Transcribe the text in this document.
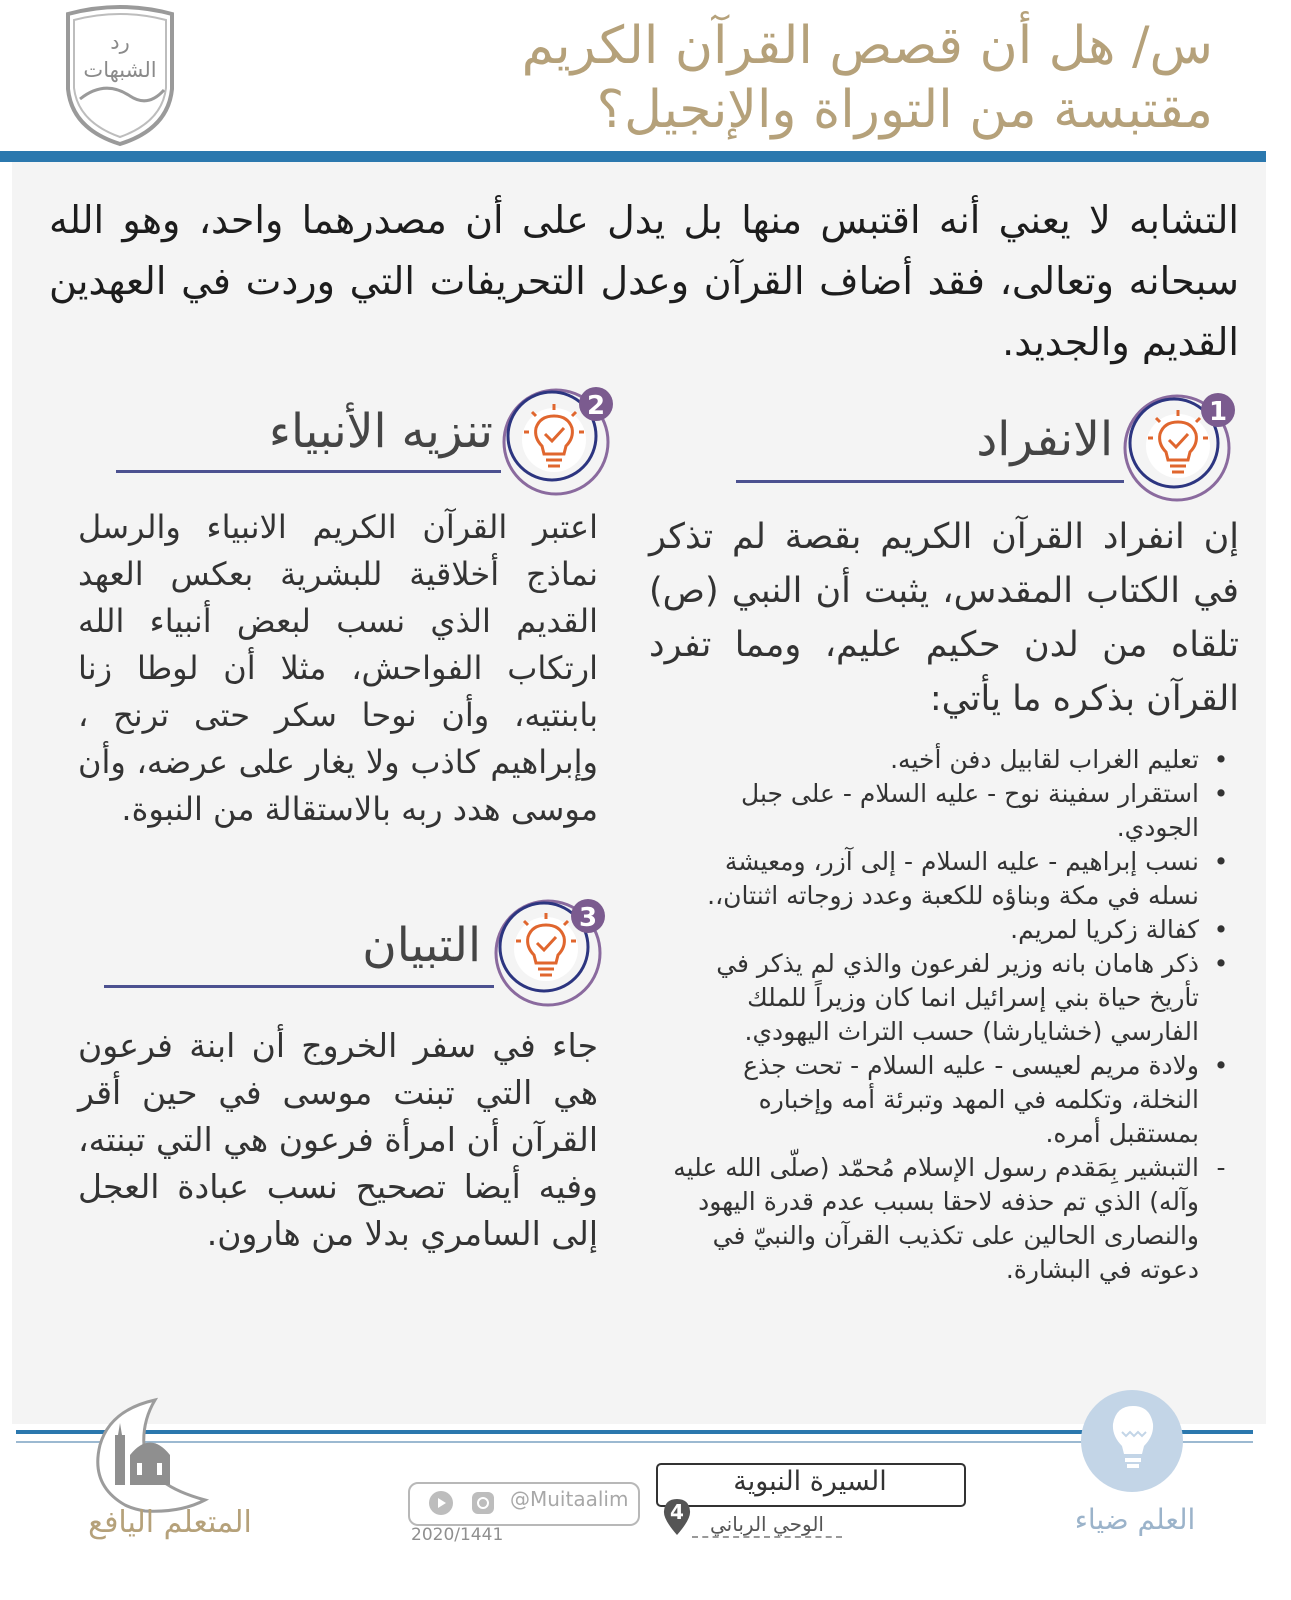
رد
الشبهات	س/ هل أن قصص القرآن الكريم
مقتبسة من التوراة والإنجيل؟
التشابه لا يعني أنه اقتبس منها بل يدل على أن مصدرهما واحد، وهو الله سبحانه وتعالى، فقد أضاف القرآن وعدل التحريفات التي وردت في العهدين القديم والجديد.
1
الانفراد
إن انفراد القرآن الكريم بقصة لم تذكر في الكتاب المقدس، يثبت أن النبي (ص) تلقاه من لدن حكيم عليم، ومما تفرد القرآن بذكره ما يأتي:
•
تعليم الغراب لقابيل دفن أخيه.
•
استقرار سفينة نوح - عليه السلام - على جبل الجودي.
•
نسب إبراهيم - عليه السلام - إلى آزر، ومعيشة نسله في مكة وبناؤه للكعبة وعدد زوجاته اثنتان،.
•
كفالة زكريا لمريم.
•
ذكر هامان بانه وزير لفرعون والذي لم يذكر في تأريخ حياة بني إسرائيل انما كان وزيراً للملك الفارسي (خشايارشا) حسب التراث اليهودي.
•
ولادة مريم لعيسى - عليه السلام - تحت جذع النخلة، وتكلمه في المهد وتبرئة أمه وإخباره بمستقبل أمره.
-
التبشير بِمَقدم رسول الإسلام مُحمّد (صلّى الله عليه وآله) الذي تم حذفه لاحقا بسبب عدم قدرة اليهود والنصارى الحالين على تكذيب القرآن والنبيّ في دعوته في البشارة.
2
تنزيه الأنبياء
اعتبر القرآن الكريم الانبياء والرسل نماذج أخلاقية للبشرية بعكس العهد القديم الذي نسب لبعض أنبياء الله ارتكاب الفواحش، مثلا أن لوطا زنا بابنتيه، وأن نوحا سكر حتى ترنح ، وإبراهيم كاذب ولا يغار على عرضه، وأن موسى هدد ربه بالاستقالة من النبوة.
3
التبيان
جاء في سفر الخروج أن ابنة فرعون هي التي تبنت موسى في حين أقر القرآن أن امرأة فرعون هي التي تبنته، وفيه أيضا تصحيح نسب عبادة العجل إلى السامري بدلا من هارون.
المتعلم اليافع
@Muitaalim
2020/1441
السيرة النبوية
4	الوحي الرباني	العلم ضياء
